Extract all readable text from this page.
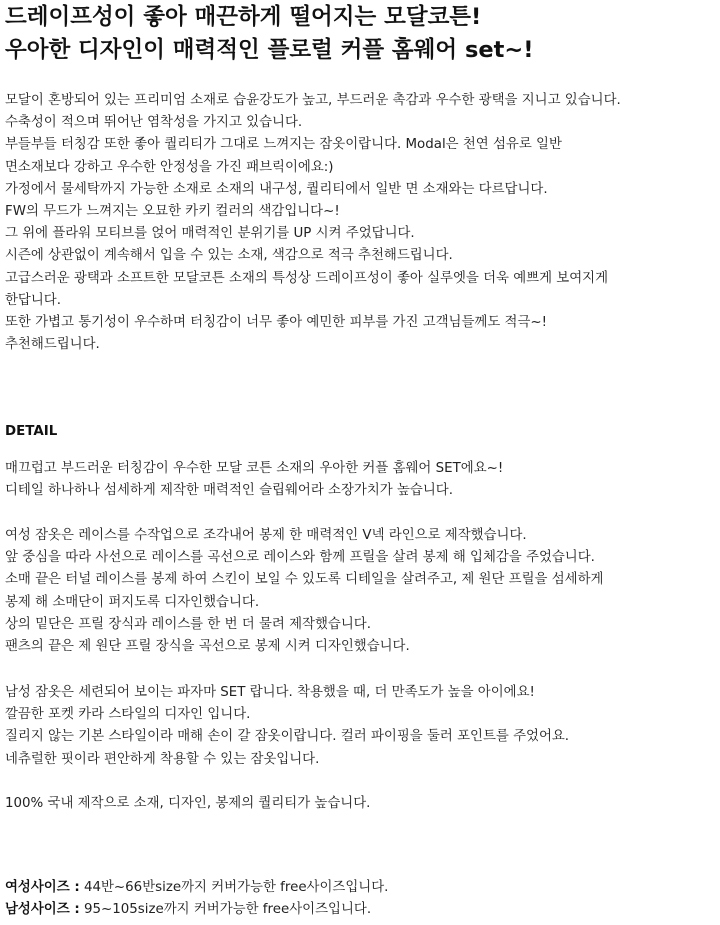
드레이프성이 좋아 매끈하게 떨어지는 모달코튼!
우아한 디자인이 매력적인 플로럴 커플 홈웨어 set~!
모달이 혼방되어 있는 프리미엄 소재로 습윤강도가 높고, 부드러운 촉감과 우수한 광택을 지니고 있습니다.
수축성이 적으며 뛰어난 염착성을 가지고 있습니다.
부들부들 터칭감 또한 좋아 퀄리티가 그대로 느껴지는 잠옷이랍니다. Modal은 천연 섬유로 일반
면소재보다 강하고 우수한 안정성을 가진 패브릭이에요:)
가정에서 물세탁까지 가능한 소재로 소재의 내구성, 퀄리티에서 일반 면 소재와는 다르답니다.
FW의 무드가 느껴지는 오묘한 카키 컬러의 색감입니다~!
그 위에 플라워 모티브를 얹어 매력적인 분위기를 UP 시켜 주었답니다.
시즌에 상관없이 계속해서 입을 수 있는 소재, 색감으로 적극 추천해드립니다.
고급스러운 광택과 소프트한 모달코튼 소재의 특성상 드레이프성이 좋아 실루엣을 더욱 예쁘게 보여지게
한답니다.
또한 가볍고 통기성이 우수하며 터칭감이 너무 좋아 예민한 피부를 가진 고객님들께도 적극~!
추천해드립니다.
DETAIL
매끄럽고 부드러운 터칭감이 우수한 모달 코튼 소재의 우아한 커플 홈웨어 SET에요~!
디테일 하나하나 섬세하게 제작한 매력적인 슬립웨어라 소장가치가 높습니다.
여성 잠옷은 레이스를 수작업으로 조각내어 봉제 한 매력적인 V넥 라인으로 제작했습니다.
앞 중심을 따라 사선으로 레이스를 곡선으로 레이스와 함께 프릴을 살려 봉제 해 입체감을 주었습니다.
소매 끝은 터널 레이스를 봉제 하여 스킨이 보일 수 있도록 디테일을 살려주고, 제 원단 프릴을 섬세하게
봉제 해 소매단이 퍼지도록 디자인했습니다.
상의 밑단은 프릴 장식과 레이스를 한 번 더 물려 제작했습니다.
팬츠의 끝은 제 원단 프릴 장식을 곡선으로 봉제 시켜 디자인했습니다.
남성 잠옷은 세련되어 보이는 파자마 SET 랍니다. 착용했을 때, 더 만족도가 높을 아이에요!
깔끔한 포켓 카라 스타일의 디자인 입니다.
질리지 않는 기본 스타일이라 매해 손이 갈 잠옷이랍니다. 컬러 파이핑을 둘러 포인트를 주었어요.
네츄럴한 핏이라 편안하게 착용할 수 있는 잠옷입니다.
100% 국내 제작으로 소재, 디자인, 봉제의 퀄리티가 높습니다.
여성사이즈 : 44반~66반size까지 커버가능한 free사이즈입니다.
남성사이즈 : 95~105size까지 커버가능한 free사이즈입니다.
